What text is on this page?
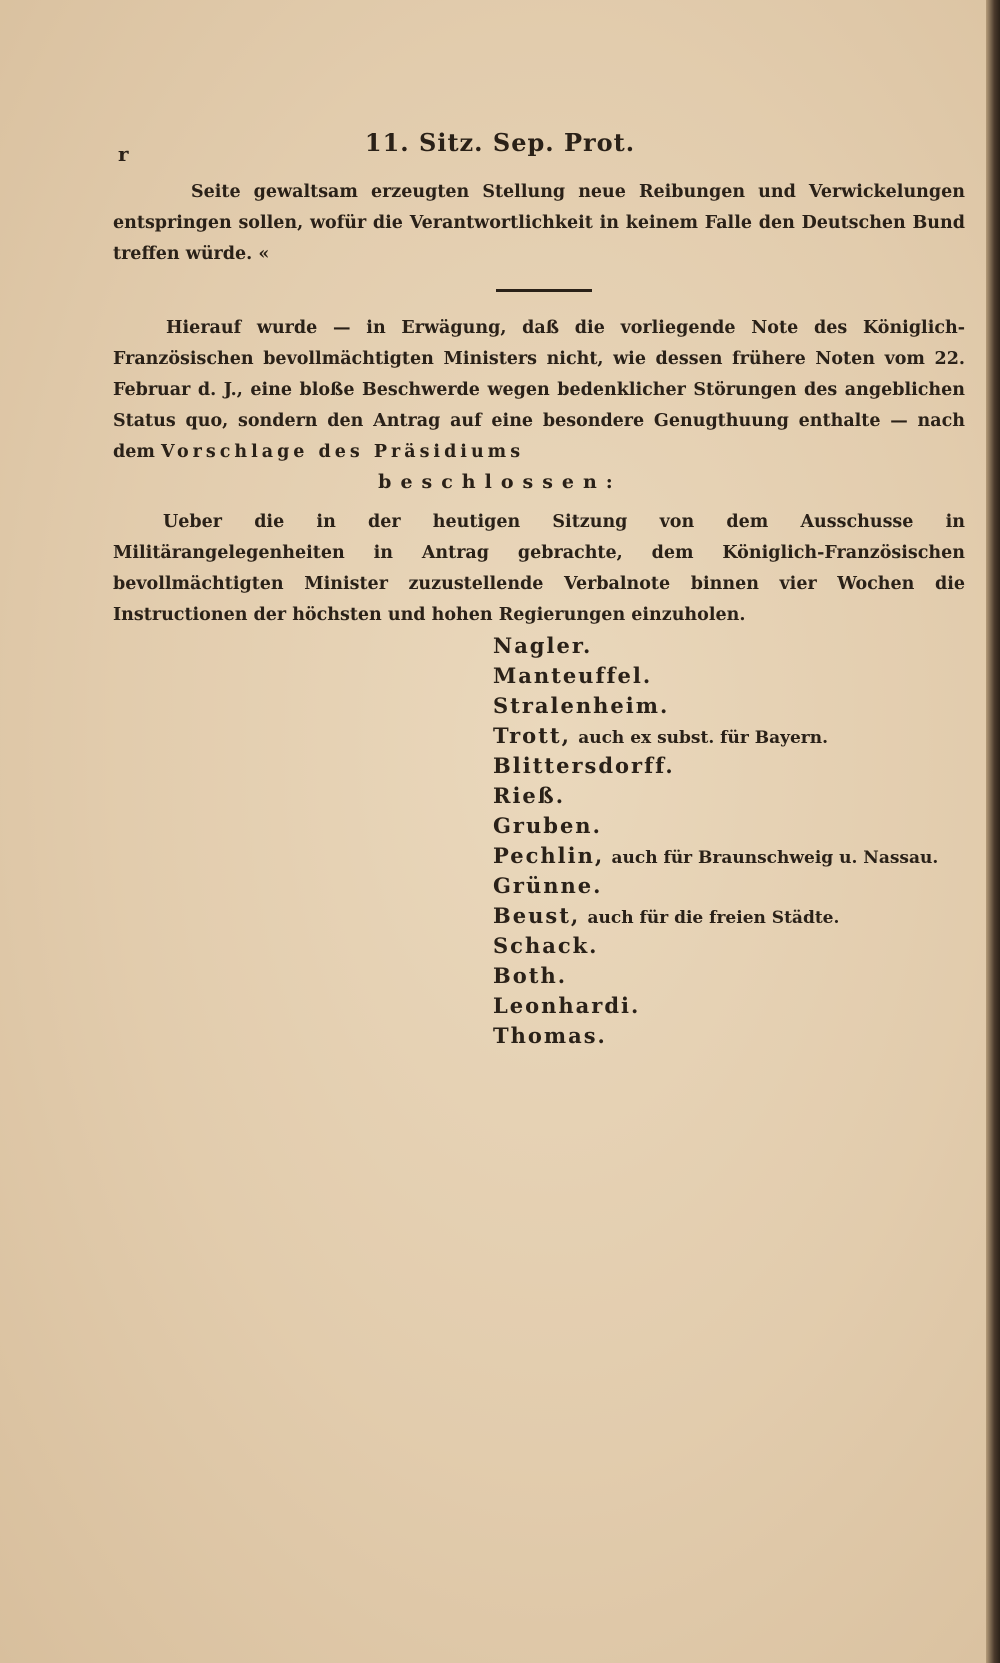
r	11. Sitz. Sep. Prot.

Seite gewaltsam erzeugten Stellung neue Reibungen und Verwickelungen entspringen sollen, wofür die Verantwortlichkeit in keinem Falle den Deutschen Bund treffen würde. «

Hierauf wurde — in Erwägung, daß die vorliegende Note des Königlich-Französischen bevollmächtigten Ministers nicht, wie dessen frühere Noten vom 22. Februar d. J., eine bloße Beschwerde wegen bedenklicher Störungen des angeblichen Status quo, sondern den Antrag auf eine besondere Genugthuung enthalte — nach dem Vorschlage des Präsidiums

beschlossen:

Ueber die in der heutigen Sitzung von dem Ausschusse in Militärangelegenheiten in Antrag gebrachte, dem Königlich-Französischen bevollmächtigten Minister zuzustellende Verbalnote binnen vier Wochen die Instructionen der höchsten und hohen Regierungen einzuholen.

Nagler.
Manteuffel.
Stralenheim.
Trott, auch ex subst. für Bayern.
Blittersdorff.
Rieß.
Gruben.
Pechlin, auch für Braunschweig u. Nassau.
Grünne.
Beust, auch für die freien Städte.
Schack.
Both.
Leonhardi.
Thomas.
